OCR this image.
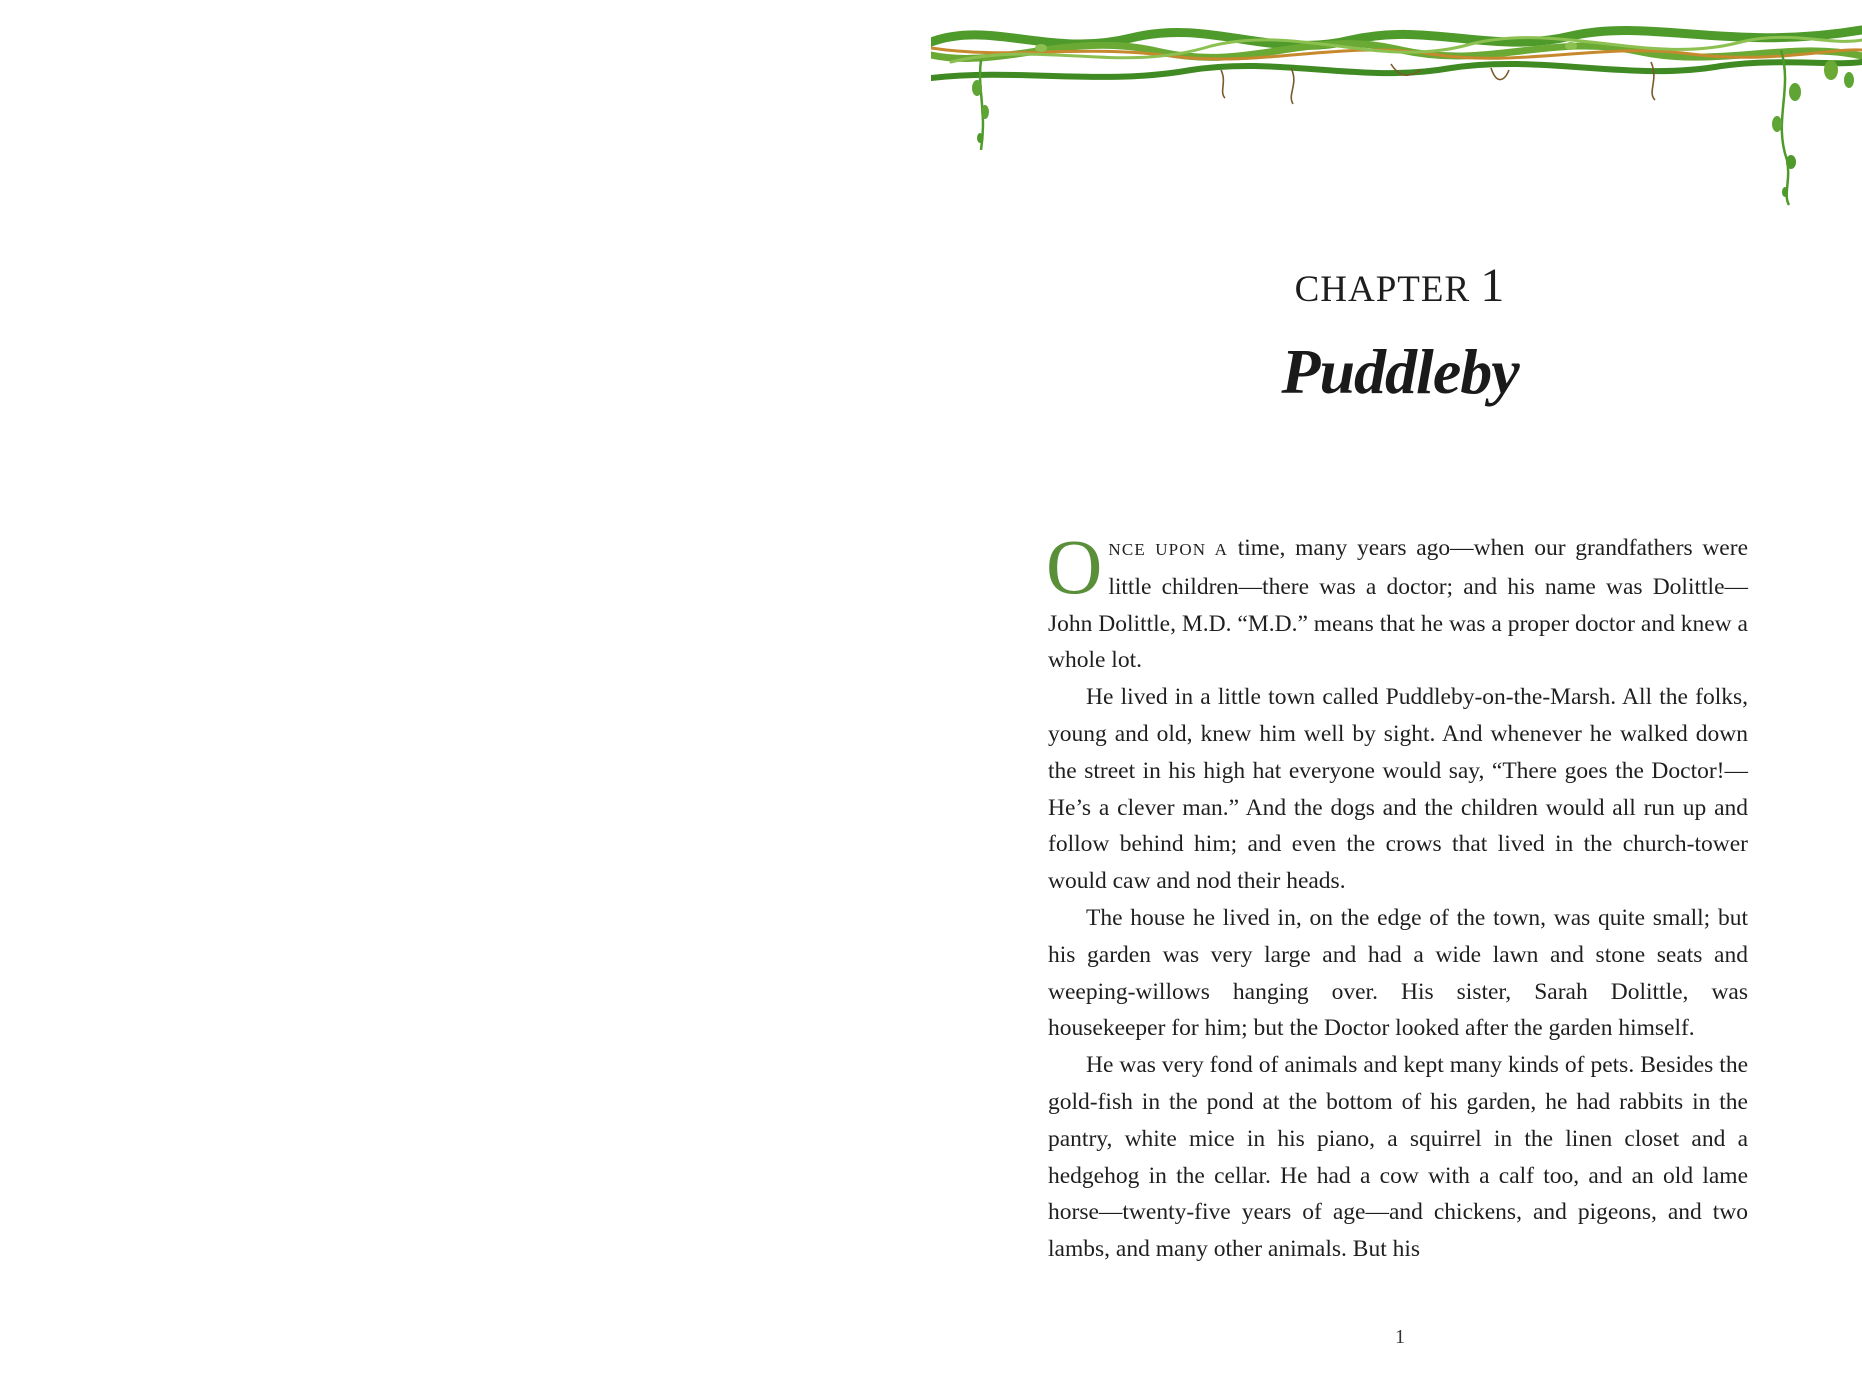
CHAPTER 1
Puddleby

ONCE UPON A time, many years ago—when our grandfathers were little children—there was a doctor; and his name was Dolittle—John Dolittle, M.D. “M.D.” means that he was a proper doctor and knew a whole lot.

He lived in a little town called Puddleby-on-the-Marsh. All the folks, young and old, knew him well by sight. And whenever he walked down the street in his high hat everyone would say, “There goes the Doctor!—He’s a clever man.” And the dogs and the children would all run up and follow behind him; and even the crows that lived in the church-tower would caw and nod their heads.

The house he lived in, on the edge of the town, was quite small; but his garden was very large and had a wide lawn and stone seats and weeping-willows hanging over. His sister, Sarah Dolittle, was housekeeper for him; but the Doctor looked after the garden himself.

He was very fond of animals and kept many kinds of pets. Besides the gold-fish in the pond at the bottom of his garden, he had rabbits in the pantry, white mice in his piano, a squirrel in the linen closet and a hedgehog in the cellar. He had a cow with a calf too, and an old lame horse—twenty-five years of age—and chickens, and pigeons, and two lambs, and many other animals. But his

1
